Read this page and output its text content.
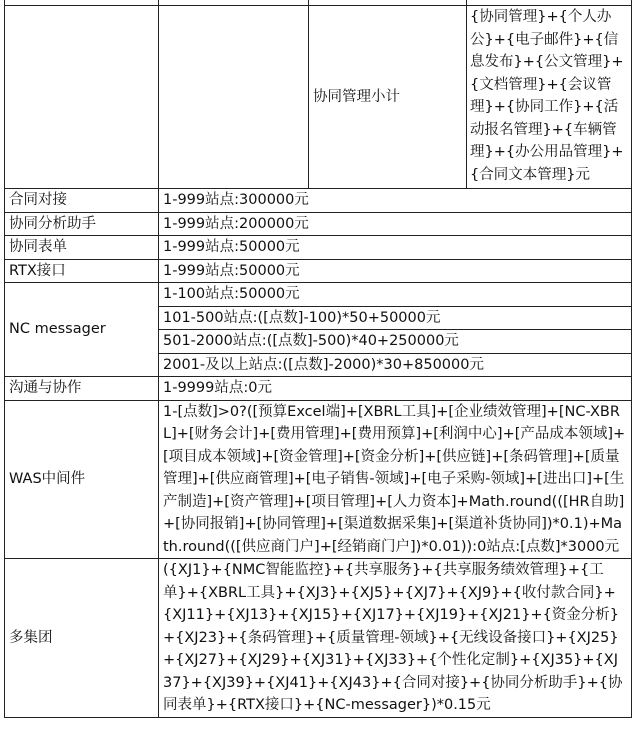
		协同管理小计	{协同管理}+{个人办公}+{电子邮件}+{信息发布}+{公文管理}+{文档管理}+{会议管理}+{协同工作}+{活动报名管理}+{车辆管理}+{办公用品管理}+{合同文本管理}元
合同对接	1-999站点:300000元		
协同分析助手	1-999站点:200000元		
协同表单	1-999站点:50000元		
RTX接口	1-999站点:50000元		
NC messager	1-100站点:50000元		
	101-500站点:([点数]-100)*50+50000元		
	501-2000站点:([点数]-500)*40+250000元		
	2001-及以上站点:([点数]-2000)*30+850000元		
沟通与协作	1-9999站点:0元		
WAS中间件	1-[点数]>0?([预算Excel端]+[XBRL工具]+[企业绩效管理]+[NC-XBRL]+[财务会计]+[费用管理]+[费用预算]+[利润中心]+[产品成本领域]+[项目成本领域]+[资金管理]+[资金分析]+[供应链]+[条码管理]+[质量管理]+[供应商管理]+[电子销售-领域]+[电子采购-领域]+[进出口]+[生产制造]+[资产管理]+[项目管理]+[人力资本]+Math.round(([HR自助]+[协同报销]+[协同管理]+[渠道数据采集]+[渠道补货协同])*0.1)+Math.round(([供应商门户]+[经销商门户])*0.01)):0站点:[点数]*3000元		
多集团	({XJ1}+{NMC智能监控}+{共享服务}+{共享服务绩效管理}+{工单}+{XBRL工具}+{XJ3}+{XJ5}+{XJ7}+{XJ9}+{收付款合同}+{XJ11}+{XJ13}+{XJ15}+{XJ17}+{XJ19}+{XJ21}+{资金分析}+{XJ23}+{条码管理}+{质量管理-领域}+{无线设备接口}+{XJ25}+{XJ27}+{XJ29}+{XJ31}+{XJ33}+{个性化定制}+{XJ35}+{XJ37}+{XJ39}+{XJ41}+{XJ43}+{合同对接}+{协同分析助手}+{协同表单}+{RTX接口}+{NC-messager})*0.15元		
